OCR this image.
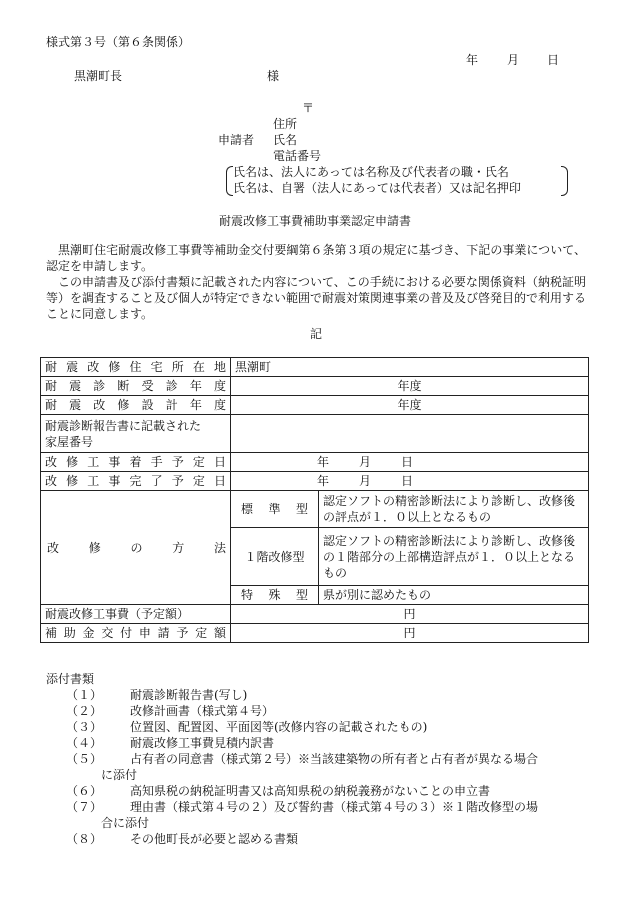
様式第３号（第６条関係）
年 月 日
黒潮町長	様
〒
住所
申請者 氏名
電話番号
氏名は、法人にあっては名称及び代表者の職・氏名
氏名は、自署（法人にあっては代表者）又は記名押印
耐震改修工事費補助事業認定申請書
黒潮町住宅耐震改修工事費等補助金交付要綱第６条第３項の規定に基づき、下記の事業について、認定を申請します。
この申請書及び添付書類に記載された内容について、この手続における必要な関係資料（納税証明等）を調査すること及び個人が特定できない範囲で耐震対策関連事業の普及及び啓発目的で利用することに同意します。
記
耐震改修住宅所在地	黒潮町	
耐震診断受診年度	年度	
耐震改修設計年度	年度	

耐震診断報告書に記載された
家屋番号		

改修工事着手予定日	年 月 日	
改修工事完了予定日	年 月 日	
改修の方法	標準型	認定ソフトの精密診断法により診断し、改修後の評点が１．０以上となるもの
	１階改修型	認定ソフトの精密診断法により診断し、改修後の１階部分の上部構造評点が１．０以上となるもの
	特殊型	県が別に認めたもの
耐震改修工事費（予定額）	円	
補助金交付申請予定額	円	
添付書類
（１） 耐震診断報告書(写し)
（２） 改修計画書（様式第４号）
（３） 位置図、配置図、平面図等(改修内容の記載されたもの)
（４） 耐震改修工事費見積内訳書
（５） 占有者の同意書（様式第２号）※当該建築物の所有者と占有者が異なる場合
に添付
（６） 高知県税の納税証明書又は高知県税の納税義務がないことの申立書
（７） 理由書（様式第４号の２）及び誓約書（様式第４号の３）※１階改修型の場
合に添付
（８） その他町長が必要と認める書類
